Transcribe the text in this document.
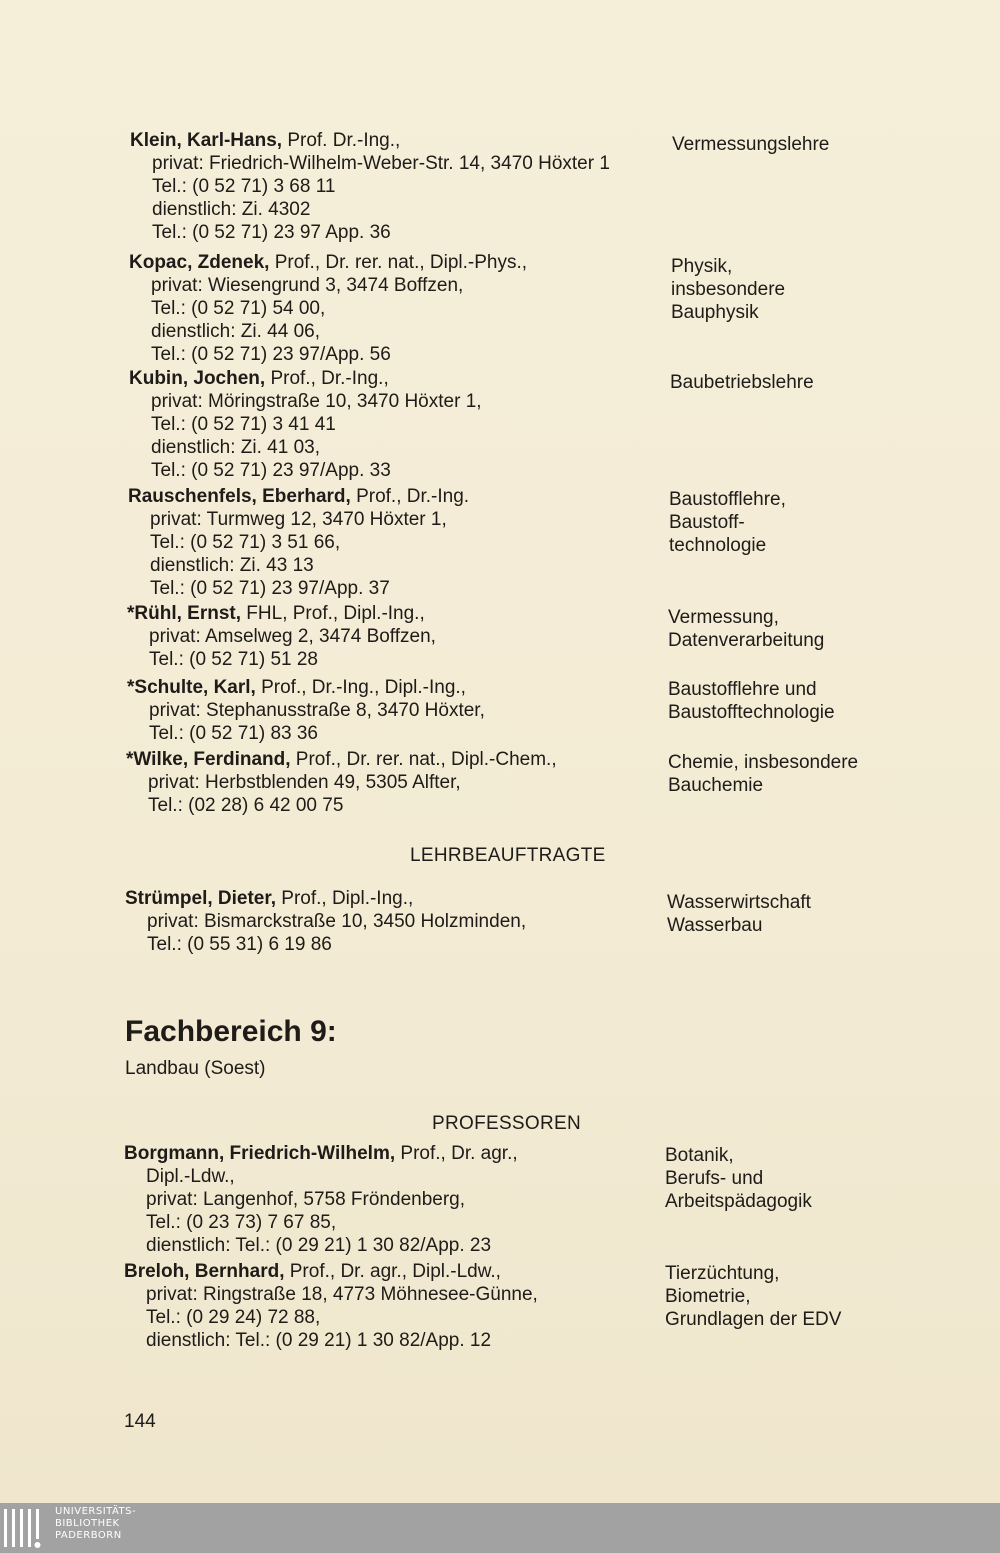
Klein, Karl-Hans, Prof. Dr.-Ing.,
privat: Friedrich-Wilhelm-Weber-Str. 14, 3470 Höxter 1
Tel.: (0 52 71) 3 68 11
dienstlich: Zi. 4302
Tel.: (0 52 71) 23 97 App. 36
Vermessungslehre
Kopac, Zdenek, Prof., Dr. rer. nat., Dipl.-Phys.,
privat: Wiesengrund 3, 3474 Boffzen,
Tel.: (0 52 71) 54 00,
dienstlich: Zi. 44 06,
Tel.: (0 52 71) 23 97/App. 56
Physik,
insbesondere
Bauphysik
Kubin, Jochen, Prof., Dr.-Ing.,
privat: Möringstraße 10, 3470 Höxter 1,
Tel.: (0 52 71) 3 41 41
dienstlich: Zi. 41 03,
Tel.: (0 52 71) 23 97/App. 33
Baubetriebslehre
Rauschenfels, Eberhard, Prof., Dr.-Ing.
privat: Turmweg 12, 3470 Höxter 1,
Tel.: (0 52 71) 3 51 66,
dienstlich: Zi. 43 13
Tel.: (0 52 71) 23 97/App. 37
Baustofflehre,
Baustoff-
technologie
*Rühl, Ernst, FHL, Prof., Dipl.-Ing.,
privat: Amselweg 2, 3474 Boffzen,
Tel.: (0 52 71) 51 28
Vermessung,
Datenverarbeitung
*Schulte, Karl, Prof., Dr.-Ing., Dipl.-Ing.,
privat: Stephanusstraße 8, 3470 Höxter,
Tel.: (0 52 71) 83 36
Baustofflehre und
Baustofftechnologie
*Wilke, Ferdinand, Prof., Dr. rer. nat., Dipl.-Chem.,
privat: Herbstblenden 49, 5305 Alfter,
Tel.: (02 28) 6 42 00 75
Chemie, insbesondere
Bauchemie
LEHRBEAUFTRAGTE
Strümpel, Dieter, Prof., Dipl.-Ing.,
privat: Bismarckstraße 10, 3450 Holzminden,
Tel.: (0 55 31) 6 19 86
Wasserwirtschaft
Wasserbau
Fachbereich 9:
Landbau (Soest)
PROFESSOREN
Borgmann, Friedrich-Wilhelm, Prof., Dr. agr.,
Dipl.-Ldw.,
privat: Langenhof, 5758 Fröndenberg,
Tel.: (0 23 73) 7 67 85,
dienstlich: Tel.: (0 29 21) 1 30 82/App. 23
Botanik,
Berufs- und
Arbeitspädagogik
Breloh, Bernhard, Prof., Dr. agr., Dipl.-Ldw.,
privat: Ringstraße 18, 4773 Möhnesee-Günne,
Tel.: (0 29 24) 72 88,
dienstlich: Tel.: (0 29 21) 1 30 82/App. 12
Tierzüchtung,
Biometrie,
Grundlagen der EDV
144
UNIVERSITÄTS-
BIBLIOTHEK
PADERBORN
